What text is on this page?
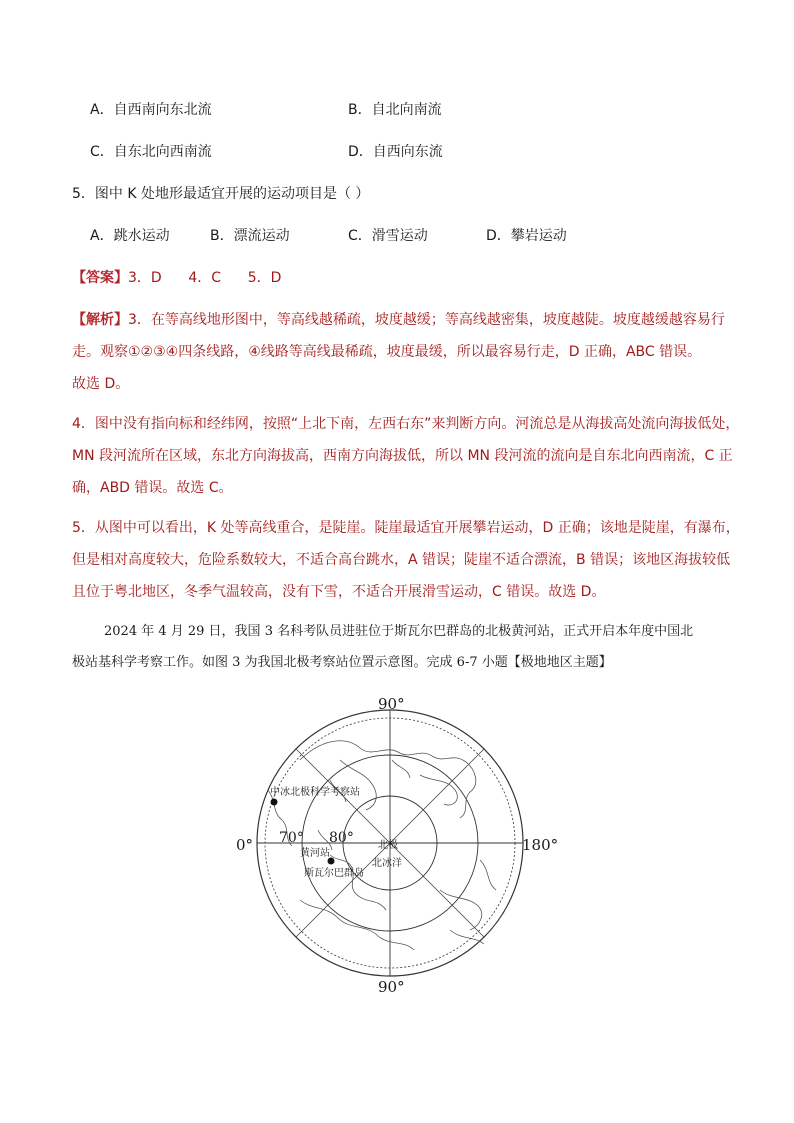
A．自西南向东北流	B．自北向南流
C．自东北向西南流	D．自西向东流
5．图中 K 处地形最适宜开展的运动项目是（ ）
A．跳水运动	B．漂流运动	C．滑雪运动	D．攀岩运动
【答案】3．D      4．C      5．D
【解析】3．在等高线地形图中，等高线越稀疏，坡度越缓；等高线越密集，坡度越陡。坡度越缓越容易行
走。观察①②③④四条线路，④线路等高线最稀疏，坡度最缓，所以最容易行走，D 正确，ABC 错误。
故选 D。
4．图中没有指向标和经纬网，按照“上北下南，左西右东”来判断方向。河流总是从海拔高处流向海拔低处，
MN 段河流所在区域，东北方向海拔高，西南方向海拔低，所以 MN 段河流的流向是自东北向西南流，C 正
确，ABD 错误。故选 C。
5．从图中可以看出，K 处等高线重合，是陡崖。陡崖最适宜开展攀岩运动，D 正确；该地是陡崖，有瀑布，
但是相对高度较大，危险系数较大，不适合高台跳水，A 错误；陡崖不适合漂流，B 错误；该地区海拔较低
且位于粤北地区，冬季气温较高，没有下雪，不适合开展滑雪运动，C 错误。故选 D。
2024 年 4 月 29 日，我国 3 名科考队员进驻位于斯瓦尔巴群岛的北极黄河站，正式开启本年度中国北
极站基科学考察工作。如图 3 为我国北极考察站位置示意图。完成 6-7 小题【极地地区主题】
90°
90°
0°	180°
70° 80° 北极
北冰洋
中冰北极科学考察站
黄河站
斯瓦尔巴群岛
